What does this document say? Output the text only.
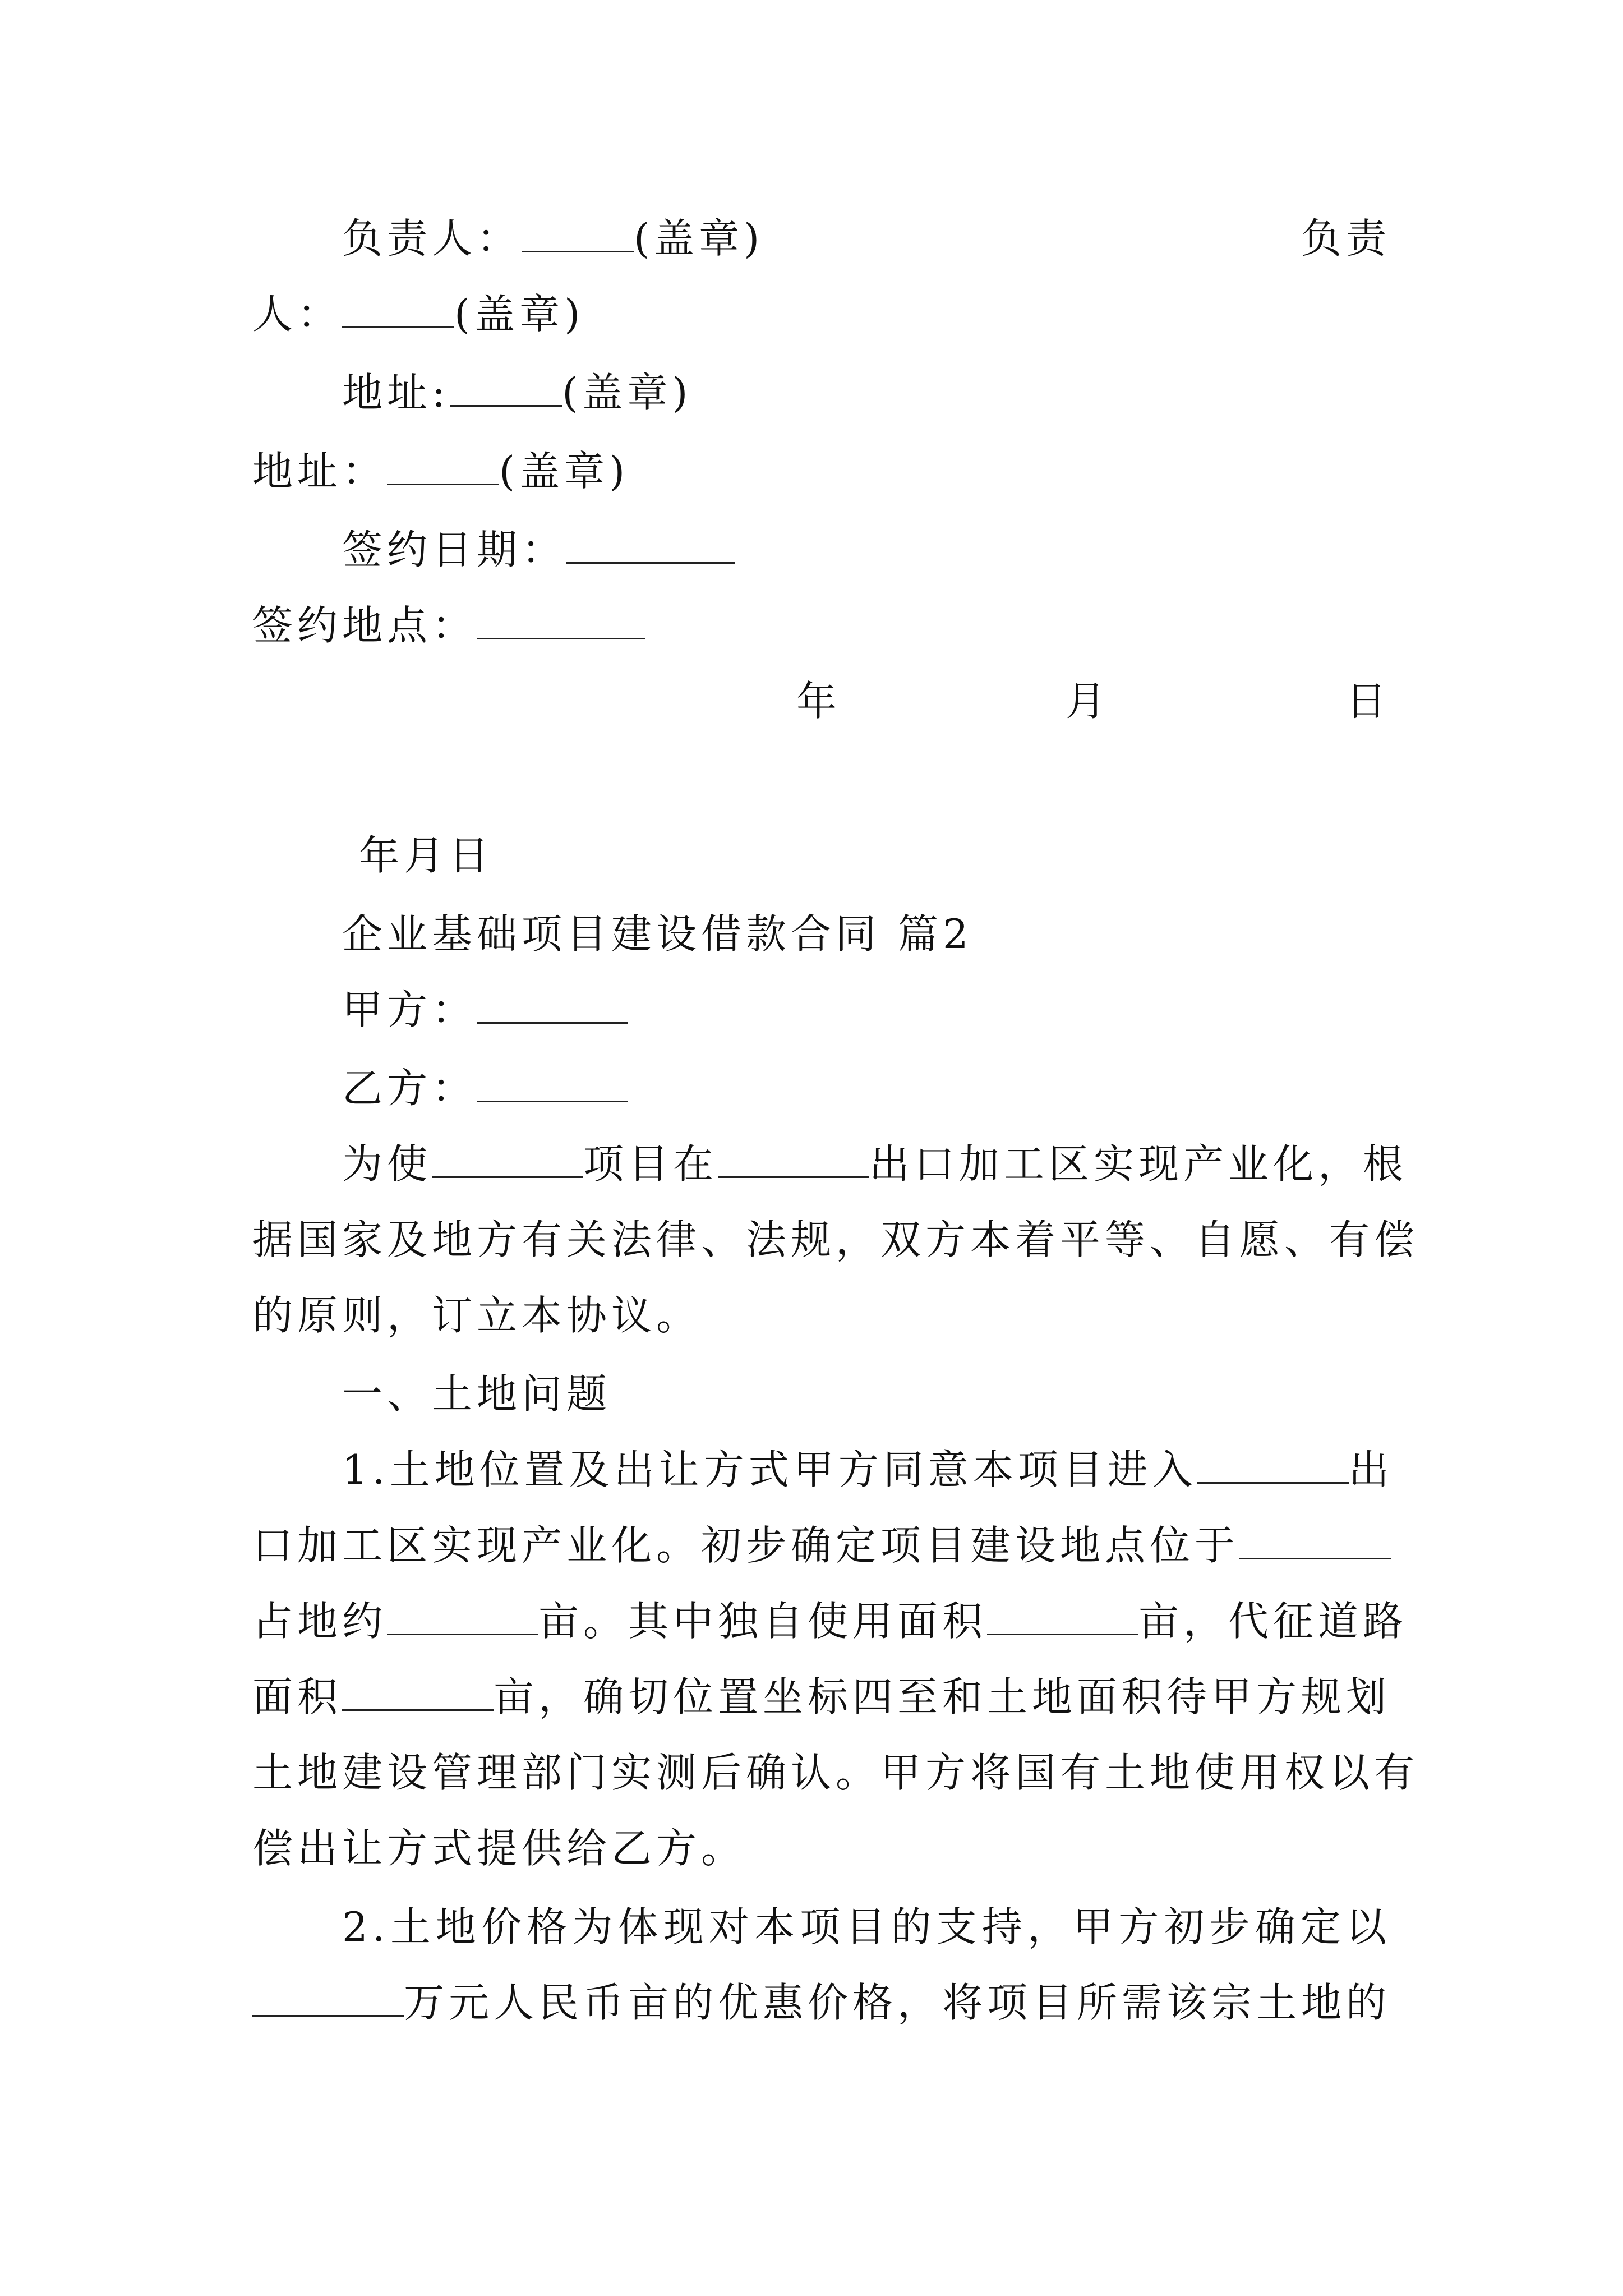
负责人：	(盖章)	负责
人：	(盖章)
地址:	(盖章)
地址：	(盖章)
签约日期：
签约地点：
年	月	日
年月日
企业基础项目建设借款合同 篇2
甲方：
乙方：
为使	项目在	出口加工区实现产业化，根
据国家及地方有关法律、法规，双方本着平等、自愿、有偿
的原则，订立本协议。
一、土地问题
1.土地位置及出让方式甲方同意本项目进入	出
口加工区实现产业化。初步确定项目建设地点位于
占地约	亩。其中独自使用面积	亩，代征道路
面积	亩，确切位置坐标四至和土地面积待甲方规划
土地建设管理部门实测后确认。甲方将国有土地使用权以有
偿出让方式提供给乙方。
2.土地价格为体现对本项目的支持，甲方初步确定以
万元人民币亩的优惠价格，将项目所需该宗土地的
